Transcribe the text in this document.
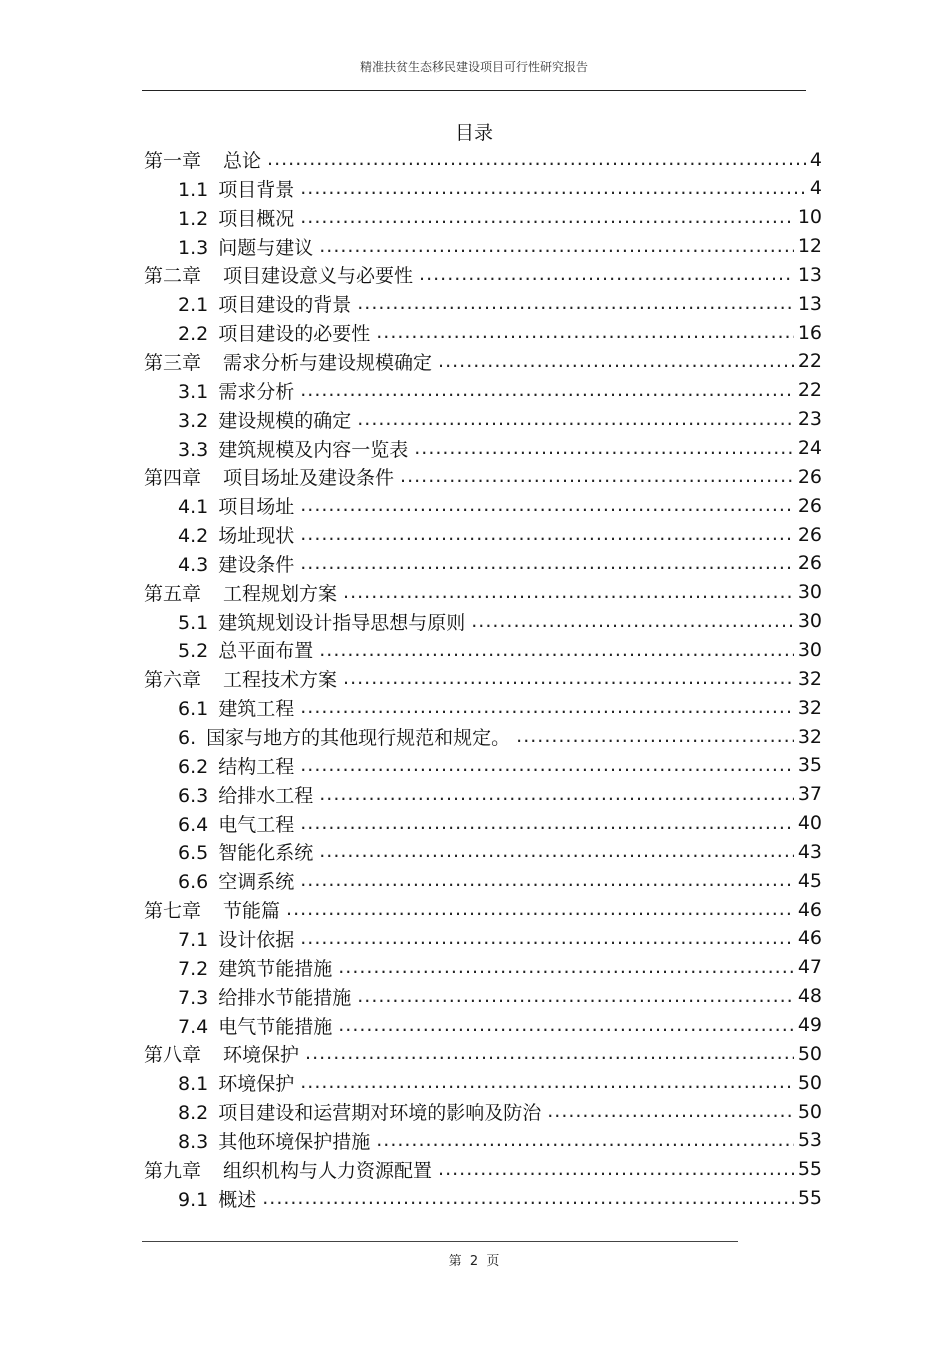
精准扶贫生态移民建设项目可行性研究报告
目录
第一章 总论 .....	4
1.1 项目背景 .....	4
1.2 项目概况 .....	10
1.3 问题与建议 .....	12
第二章 项目建设意义与必要性 .....	13
2.1 项目建设的背景 .....	13
2.2 项目建设的必要性 .....	16
第三章 需求分析与建设规模确定 .....	22
3.1 需求分析 .....	22
3.2 建设规模的确定 .....	23
3.3 建筑规模及内容一览表 .....	24
第四章 项目场址及建设条件 .....	26
4.1 项目场址 .....	26
4.2 场址现状 .....	26
4.3 建设条件 .....	26
第五章 工程规划方案 .....	30
5.1 建筑规划设计指导思想与原则 .....	30
5.2 总平面布置 .....	30
第六章 工程技术方案 .....	32
6.1 建筑工程 .....	32
6. 国家与地方的其他现行规范和规定。 .....	32
6.2 结构工程 .....	35
6.3 给排水工程 .....	37
6.4 电气工程 .....	40
6.5 智能化系统 .....	43
6.6 空调系统 .....	45
第七章 节能篇 .....	46
7.1 设计依据 .....	46
7.2 建筑节能措施 .....	47
7.3 给排水节能措施 .....	48
7.4 电气节能措施 .....	49
第八章 环境保护 .....	50
8.1 环境保护 .....	50
8.2 项目建设和运营期对环境的影响及防治 .....	50
8.3 其他环境保护措施 .....	53
第九章 组织机构与人力资源配置 .....	55
9.1 概述 .....	55
第 2 页
